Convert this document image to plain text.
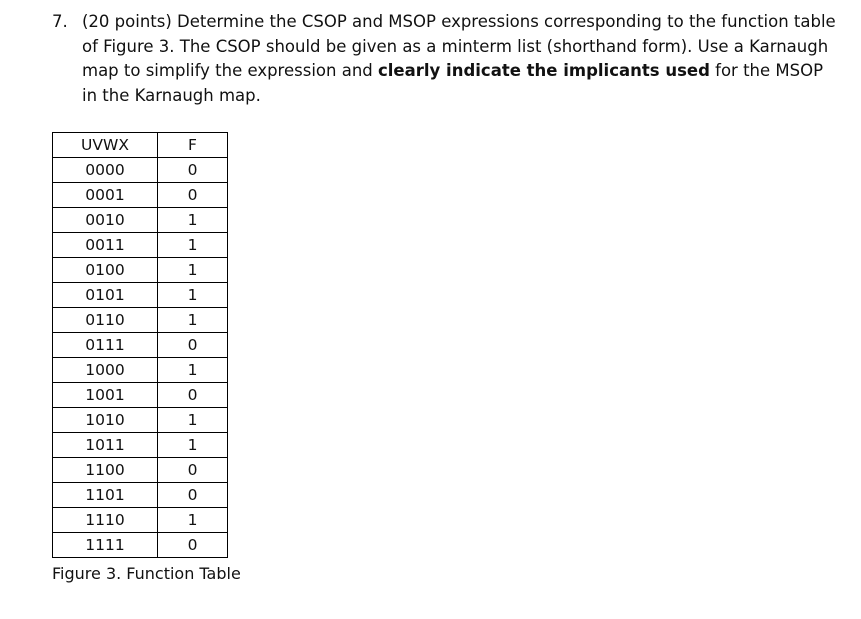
7. (20 points) Determine the CSOP and MSOP expressions corresponding to the function table of Figure 3. The CSOP should be given as a minterm list (shorthand form). Use a Karnaugh map to simplify the expression and clearly indicate the implicants used for the MSOP in the Karnaugh map.
UVWX	F
0000	0
0001	0
0010	1
0011	1
0100	1
0101	1
0110	1
0111	0
1000	1
1001	0
1010	1
1011	1
1100	0
1101	0
1110	1
1111	0
Figure 3. Function Table
